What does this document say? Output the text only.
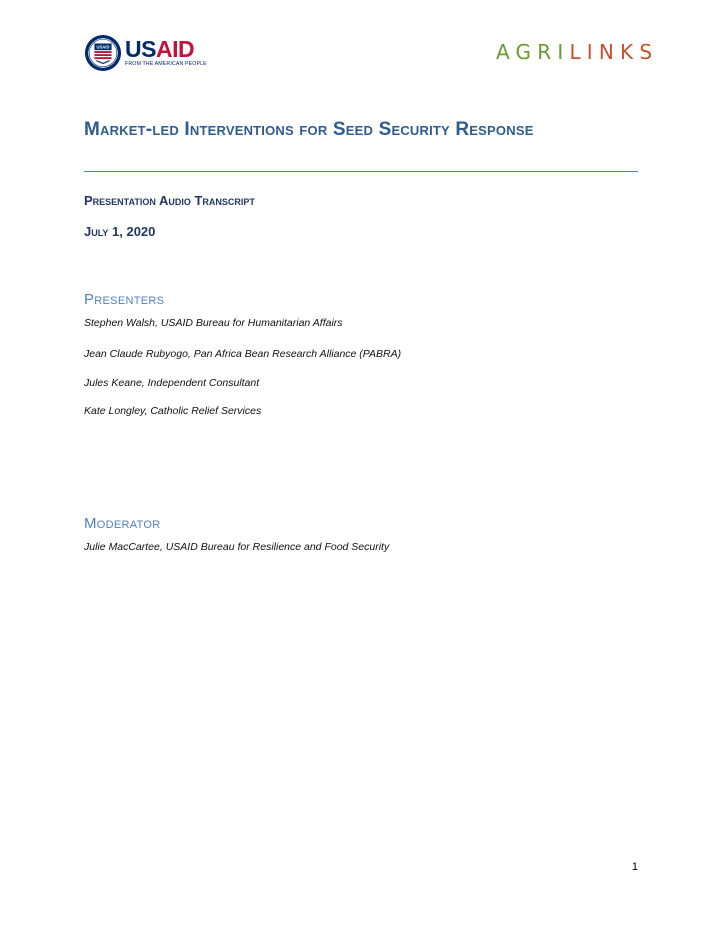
USAID USAID
FROM THE AMERICAN PEOPLE	AGRILINKS
Market-led Interventions for Seed Security Response

Presentation Audio Transcript

July 1, 2020

Presenters

Stephen Walsh, USAID Bureau for Humanitarian Affairs

Jean Claude Rubyogo, Pan Africa Bean Research Alliance (PABRA)

Jules Keane, Independent Consultant

Kate Longley, Catholic Relief Services

Moderator

Julie MacCartee, USAID Bureau for Resilience and Food Security

1
